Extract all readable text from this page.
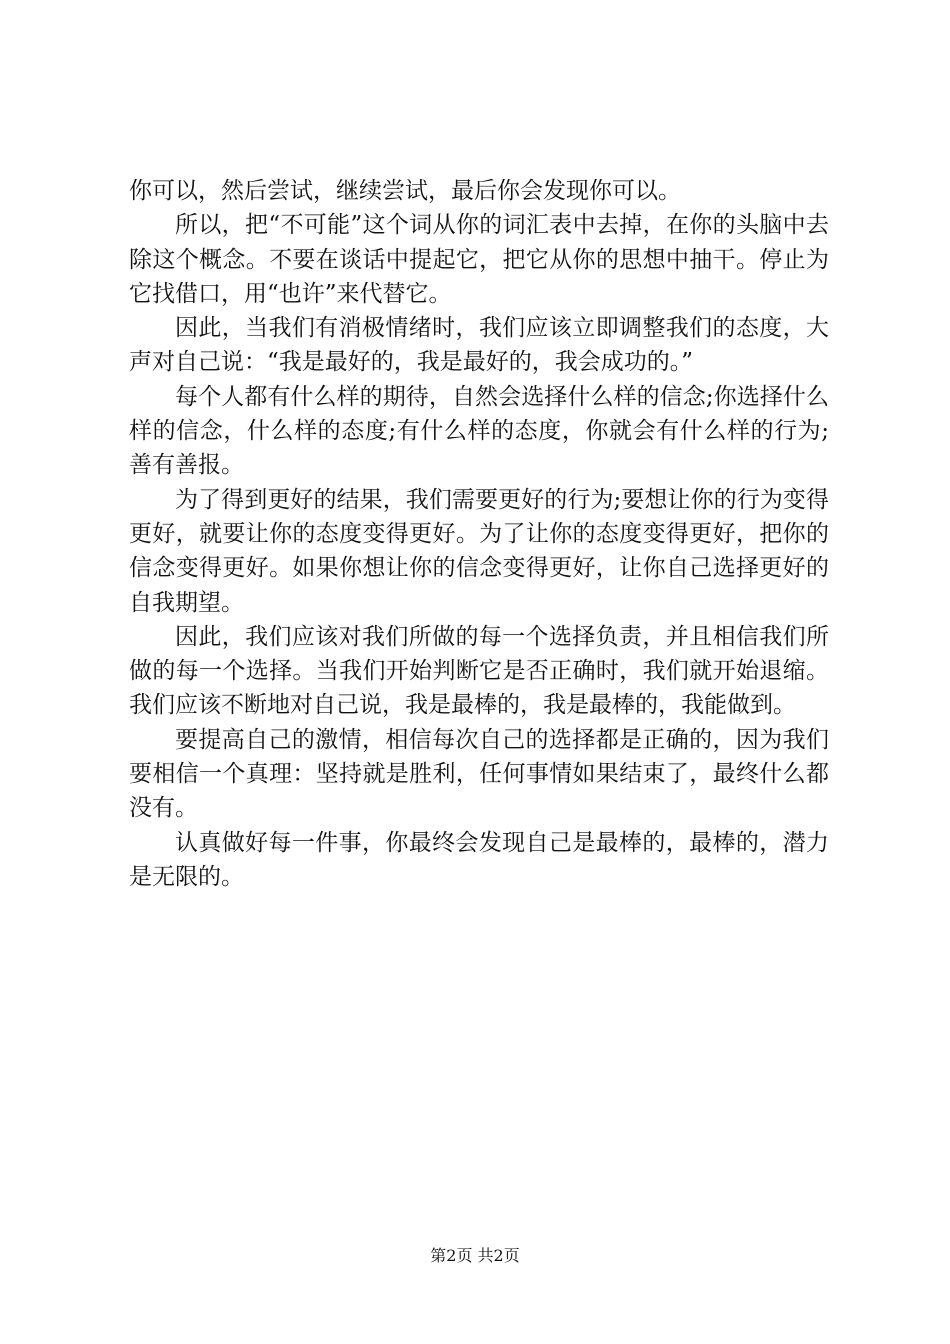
你可以，然后尝试，继续尝试，最后你会发现你可以。

所以，把“不可能”这个词从你的词汇表中去掉，在你的头脑中去除这个概念。不要在谈话中提起它，把它从你的思想中抽干。停止为它找借口，用“也许”来代替它。

因此，当我们有消极情绪时，我们应该立即调整我们的态度，大声对自己说：“我是最好的，我是最好的，我会成功的。”

每个人都有什么样的期待，自然会选择什么样的信念;你选择什么样的信念，什么样的态度;有什么样的态度，你就会有什么样的行为;善有善报。

为了得到更好的结果，我们需要更好的行为;要想让你的行为变得更好，就要让你的态度变得更好。为了让你的态度变得更好，把你的信念变得更好。如果你想让你的信念变得更好，让你自己选择更好的自我期望。

因此，我们应该对我们所做的每一个选择负责，并且相信我们所做的每一个选择。当我们开始判断它是否正确时，我们就开始退缩。我们应该不断地对自己说，我是最棒的，我是最棒的，我能做到。

要提高自己的激情，相信每次自己的选择都是正确的，因为我们要相信一个真理：坚持就是胜利，任何事情如果结束了，最终什么都没有。

认真做好每一件事，你最终会发现自己是最棒的，最棒的，潜力是无限的。

第2页 共2页
